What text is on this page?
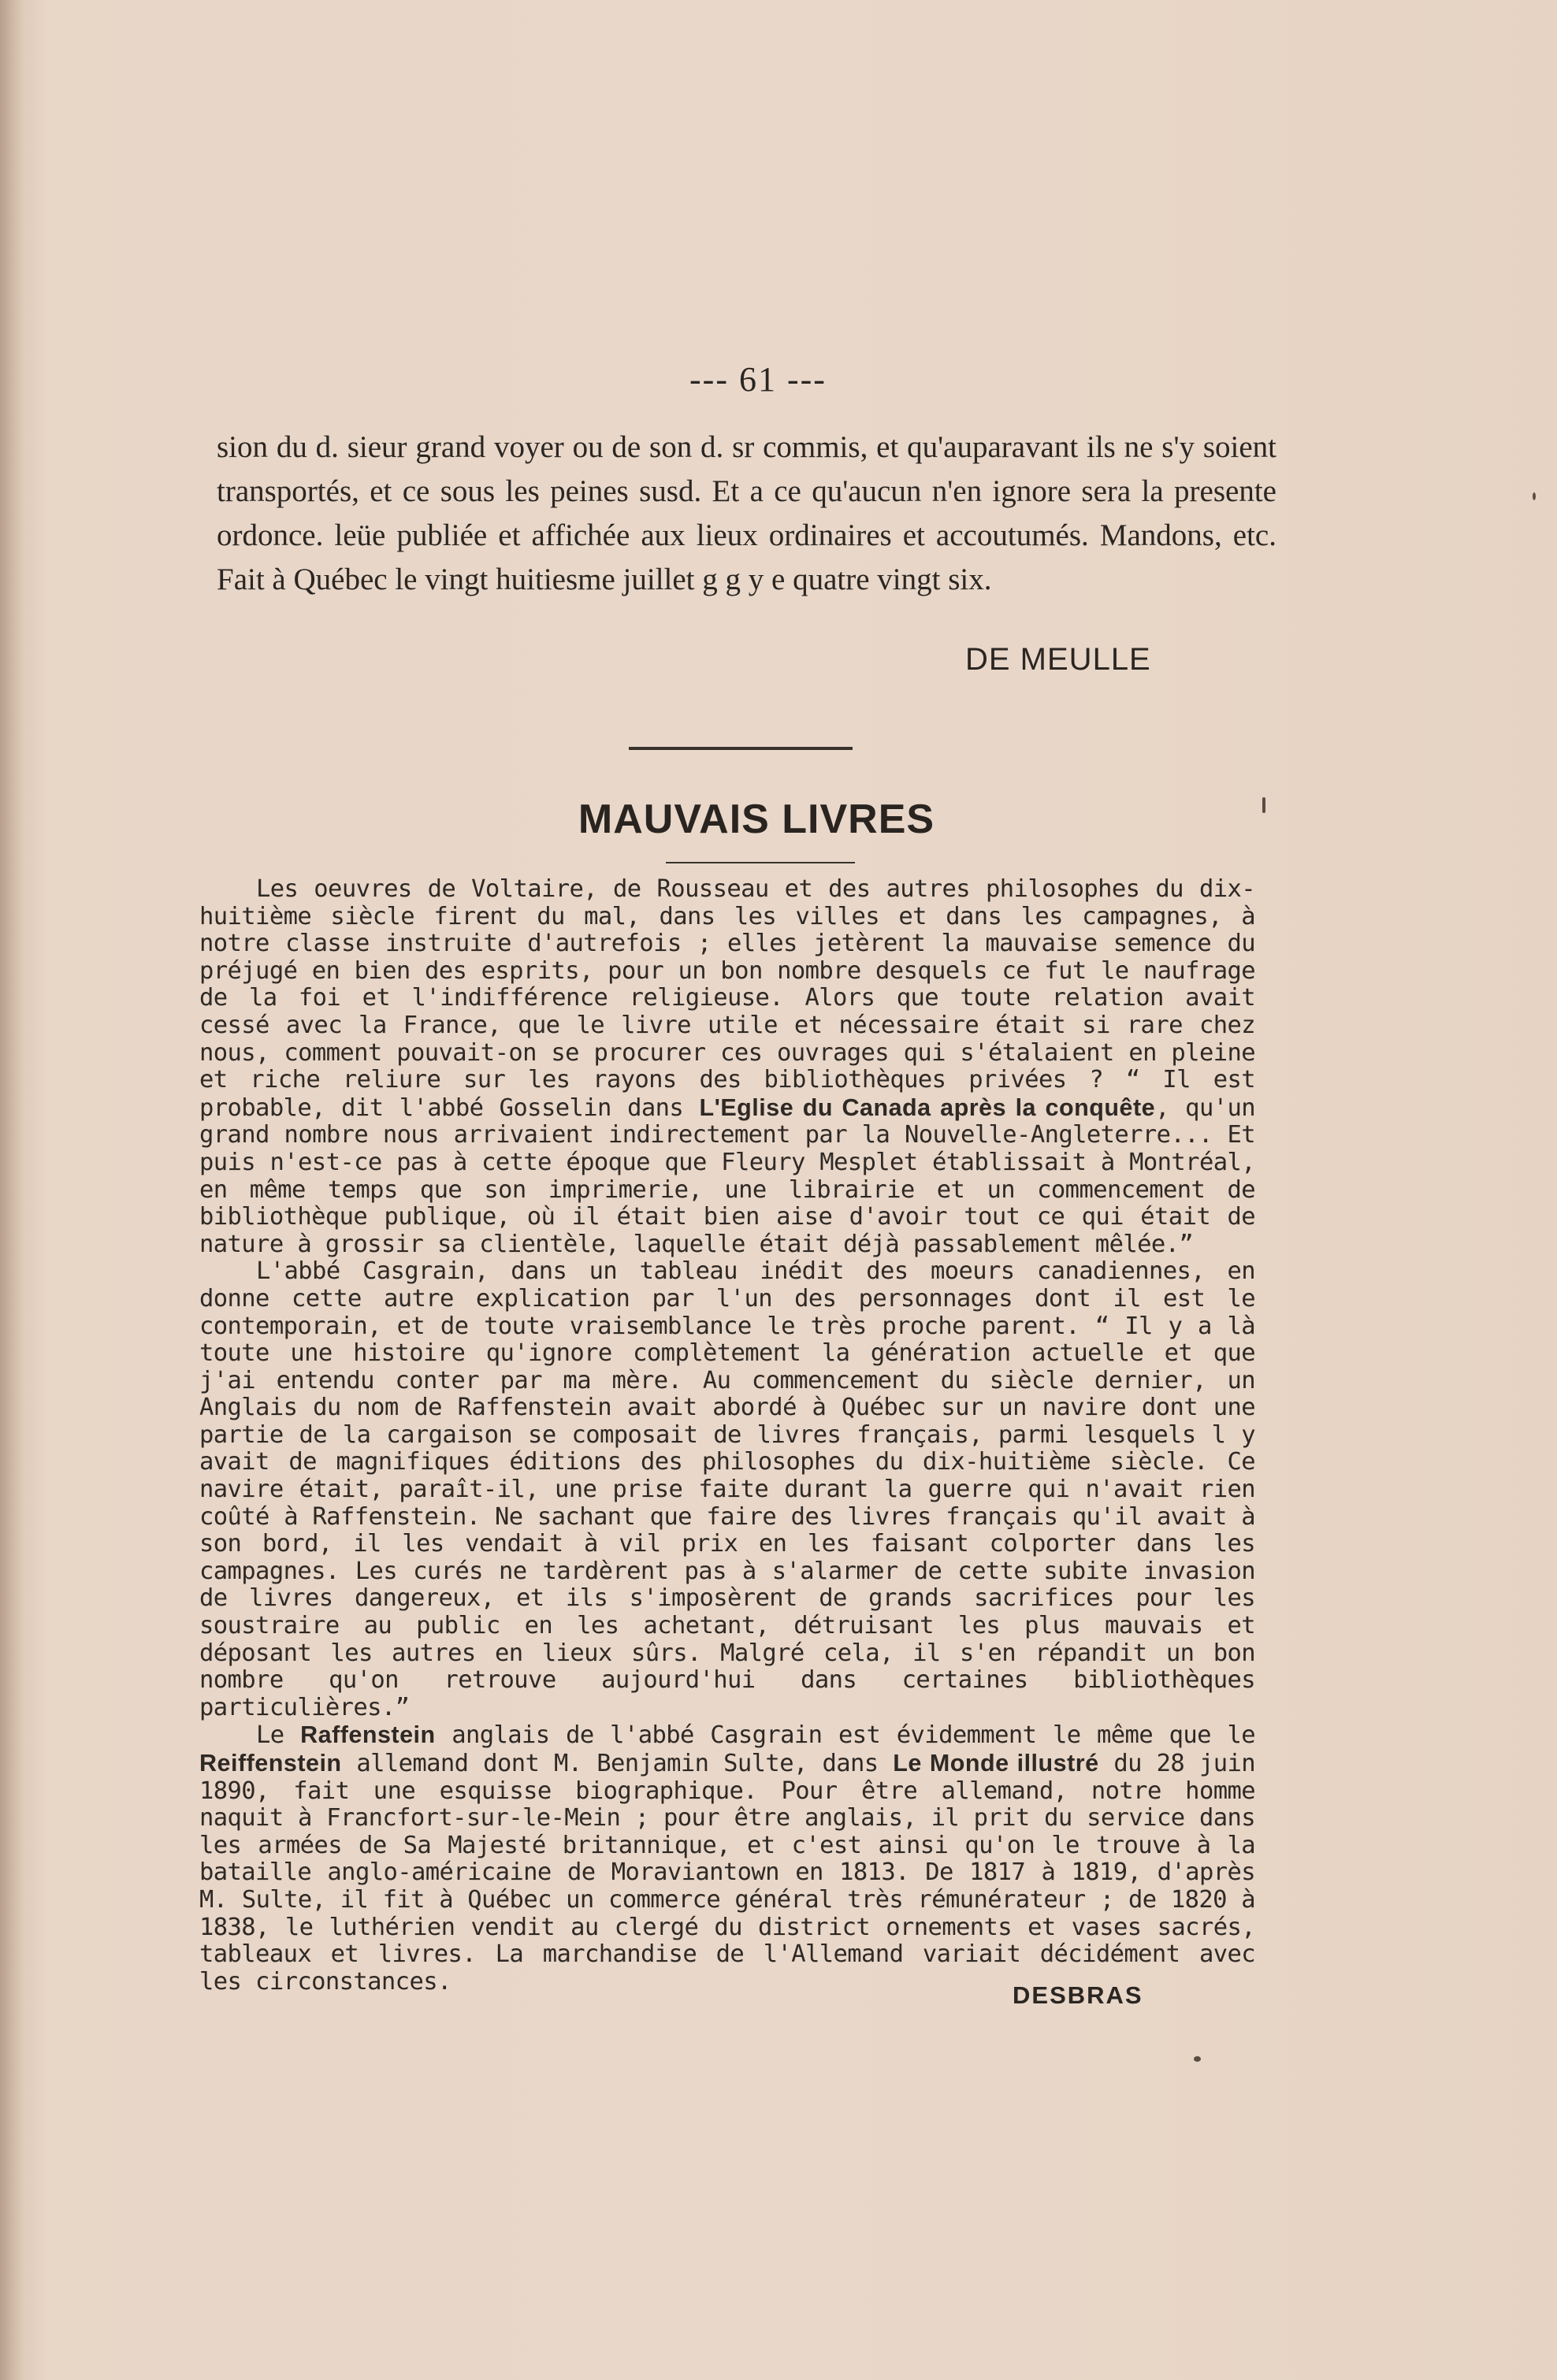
--- 61 ---

sion du d. sieur grand voyer ou de son d. sr commis, et qu'auparavant ils ne s'y soient transportés, et ce sous les peines susd. Et a ce qu'aucun n'en ignore sera la presente ordonce. leüe publiée et affichée aux lieux ordinaires et accoutumés. Mandons, etc. Fait à Québec le vingt huitiesme juillet g g y e quatre vingt six.

DE MEULLE
MAUVAIS LIVRES

Les oeuvres de Voltaire, de Rousseau et des autres philosophes du dix-huitième siècle firent du mal, dans les villes et dans les campagnes, à notre classe instruite d'autrefois ; elles jetèrent la mauvaise semence du préjugé en bien des esprits, pour un bon nombre desquels ce fut le naufrage de la foi et l'indifférence religieuse. Alors que toute relation avait cessé avec la France, que le livre utile et nécessaire était si rare chez nous, comment pouvait-on se procurer ces ouvrages qui s'étalaient en pleine et riche reliure sur les rayons des bibliothèques privées ? “ Il est probable, dit l'abbé Gosselin dans L'Eglise du Canada après la conquête, qu'un grand nombre nous arrivaient indirectement par la Nouvelle-Angleterre... Et puis n'est-ce pas à cette époque que Fleury Mesplet établissait à Montréal, en même temps que son imprimerie, une librairie et un commencement de bibliothèque publique, où il était bien aise d'avoir tout ce qui était de nature à grossir sa clientèle, laquelle était déjà passablement mêlée.”

L'abbé Casgrain, dans un tableau inédit des moeurs canadiennes, en donne cette autre explication par l'un des personnages dont il est le contemporain, et de toute vraisemblance le très proche parent. “ Il y a là toute une histoire qu'ignore complètement la génération actuelle et que j'ai entendu conter par ma mère. Au commencement du siècle dernier, un Anglais du nom de Raffenstein avait abordé à Québec sur un navire dont une partie de la cargaison se composait de livres français, parmi lesquels l y avait de magnifiques éditions des philosophes du dix-huitième siècle. Ce navire était, paraît-il, une prise faite durant la guerre qui n'avait rien coûté à Raffenstein. Ne sachant que faire des livres français qu'il avait à son bord, il les vendait à vil prix en les faisant colporter dans les campagnes. Les curés ne tardèrent pas à s'alarmer de cette subite invasion de livres dangereux, et ils s'imposèrent de grands sacrifices pour les soustraire au public en les achetant, détruisant les plus mauvais et déposant les autres en lieux sûrs. Malgré cela, il s'en répandit un bon nombre qu'on retrouve aujourd'hui dans certaines bibliothèques particulières.”

Le Raffenstein anglais de l'abbé Casgrain est évidemment le même que le Reiffenstein allemand dont M. Benjamin Sulte, dans Le Monde illustré du 28 juin 1890, fait une esquisse biographique. Pour être allemand, notre homme naquit à Francfort-sur-le-Mein ; pour être anglais, il prit du service dans les armées de Sa Majesté britannique, et c'est ainsi qu'on le trouve à la bataille anglo-américaine de Moraviantown en 1813. De 1817 à 1819, d'après M. Sulte, il fit à Québec un commerce général très rémunérateur ; de 1820 à 1838, le luthérien vendit au clergé du district ornements et vases sacrés, tableaux et livres. La marchandise de l'Allemand variait décidément avec les circonstances.	DESBRAS
